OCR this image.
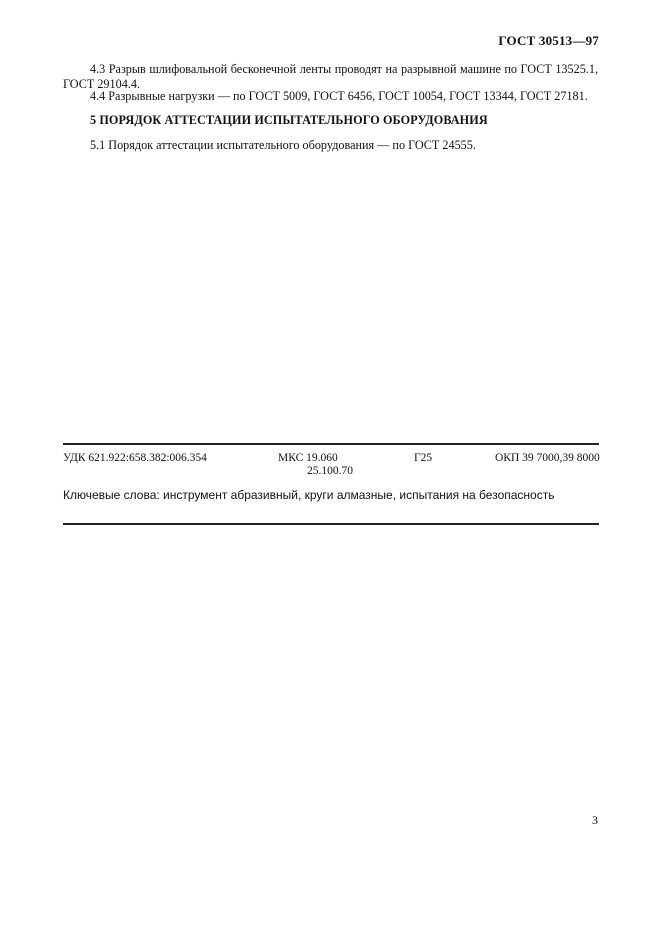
ГОСТ 30513—97

4.3 Разрыв шлифовальной бесконечной ленты проводят на разрывной машине по ГОСТ 13525.1, ГОСТ 29104.4.

4.4 Разрывные нагрузки — по ГОСТ 5009, ГОСТ 6456, ГОСТ 10054, ГОСТ 13344, ГОСТ 27181.

5 ПОРЯДОК АТТЕСТАЦИИ ИСПЫТАТЕЛЬНОГО ОБОРУДОВАНИЯ

5.1 Порядок аттестации испытательного оборудования — по ГОСТ 24555.

УДК 621.922:658.382:006.354	МКС 19.060
25.100.70
Г25	ОКП 39 7000,39 8000
Ключевые слова: инструмент абразивный, круги алмазные, испытания на безопасность
3
